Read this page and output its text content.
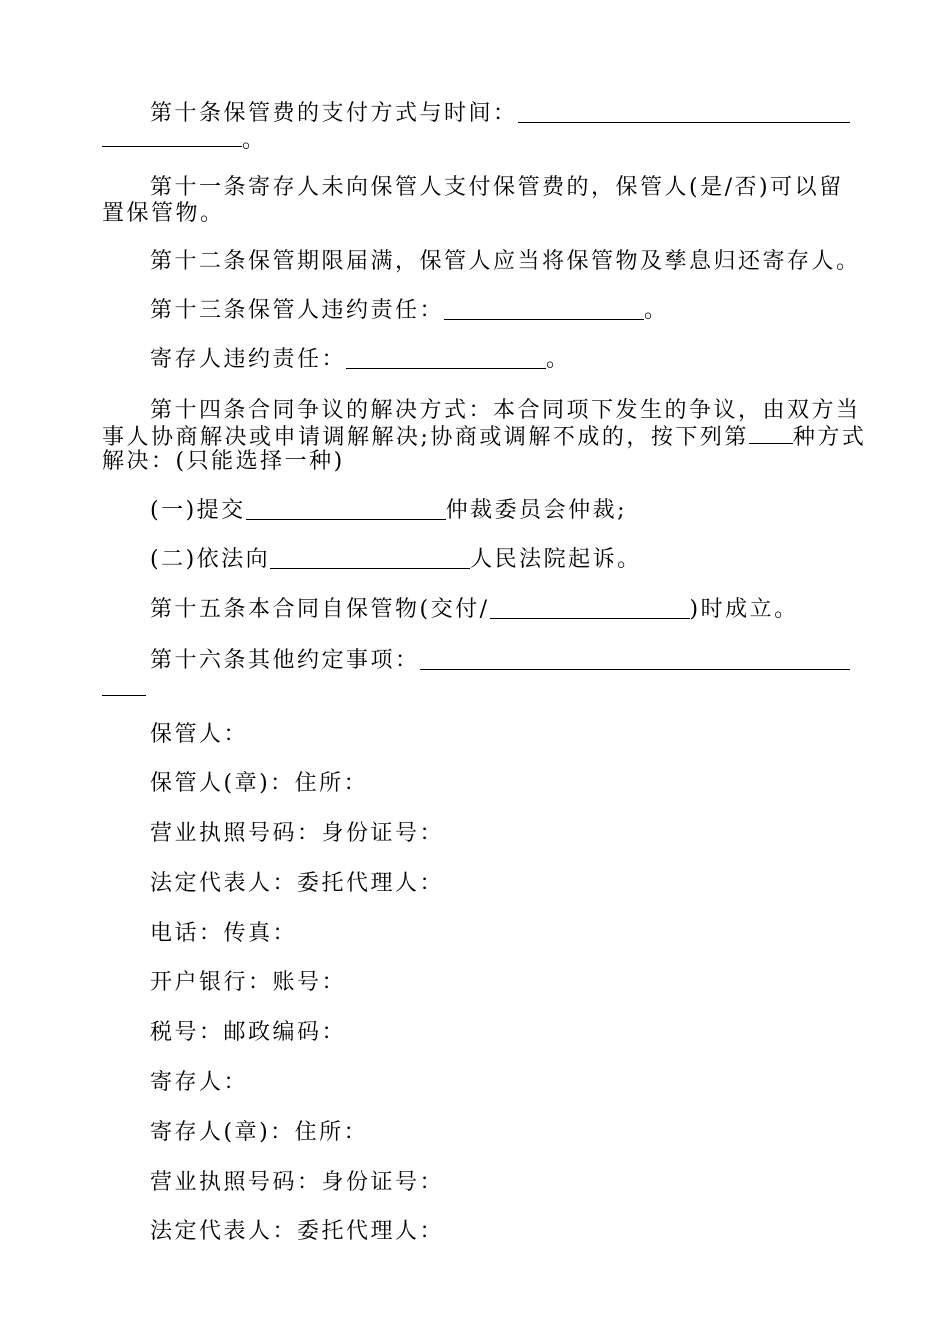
第十条保管费的支付方式与时间：
。
第十一条寄存人未向保管人支付保管费的，保管人(是/否)可以留
置保管物。
第十二条保管期限届满，保管人应当将保管物及孳息归还寄存人。
第十三条保管人违约责任：	。
寄存人违约责任：	。
第十四条合同争议的解决方式：本合同项下发生的争议，由双方当
事人协商解决或申请调解解决;协商或调解不成的，按下列第 种方式
解决：(只能选择一种)
(一)提交	仲裁委员会仲裁;
(二)依法向	人民法院起诉。
第十五条本合同自保管物(交付/	)时成立。
第十六条其他约定事项：
保管人：
保管人(章)：住所：
营业执照号码：身份证号：
法定代表人：委托代理人：
电话：传真：
开户银行：账号：
税号：邮政编码：
寄存人：
寄存人(章)：住所：
营业执照号码：身份证号：
法定代表人：委托代理人：
